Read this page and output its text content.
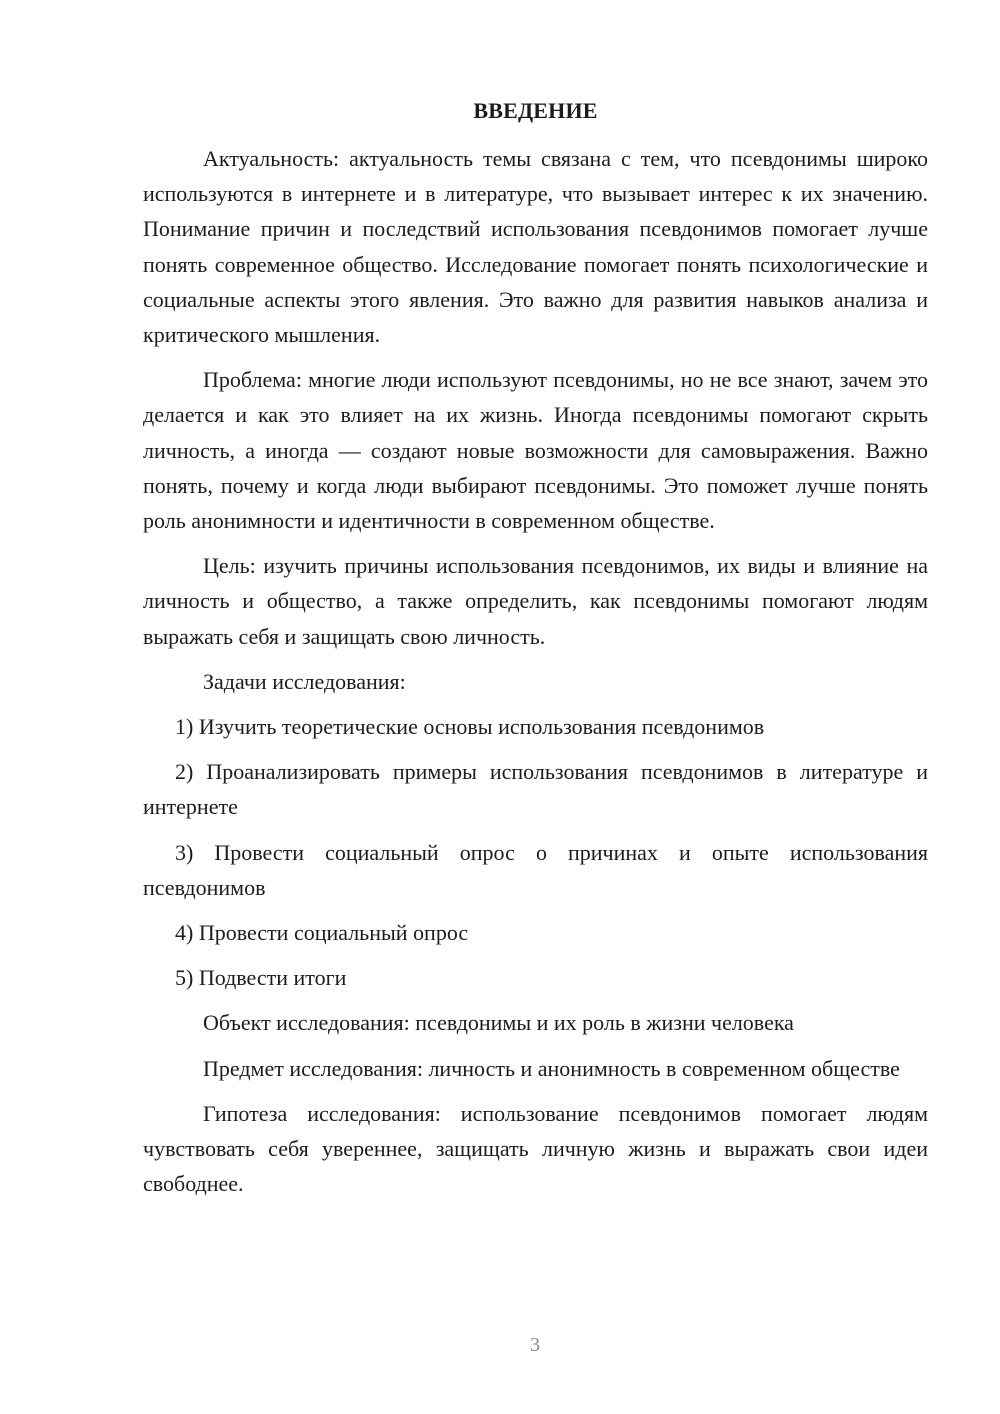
ВВЕДЕНИЕ

Актуальность: актуальность темы связана с тем, что псевдонимы широко используются в интернете и в литературе, что вызывает интерес к их значению. Понимание причин и последствий использования псевдонимов помогает лучше понять современное общество. Исследование помогает понять психологические и социальные аспекты этого явления. Это важно для развития навыков анализа и критического мышления.

Проблема: многие люди используют псевдонимы, но не все знают, зачем это делается и как это влияет на их жизнь. Иногда псевдонимы помогают скрыть личность, а иногда — создают новые возможности для самовыражения. Важно понять, почему и когда люди выбирают псевдонимы. Это поможет лучше понять роль анонимности и идентичности в современном обществе.

Цель: изучить причины использования псевдонимов, их виды и влияние на личность и общество, а также определить, как псевдонимы помогают людям выражать себя и защищать свою личность.

Задачи исследования:

1) Изучить теоретические основы использования псевдонимов

2) Проанализировать примеры использования псевдонимов в литературе и интернете

3) Провести социальный опрос о причинах и опыте использования псевдонимов

4) Провести социальный опрос

5) Подвести итоги

Объект исследования: псевдонимы и их роль в жизни человека

Предмет исследования: личность и анонимность в современном обществе

Гипотеза исследования: использование псевдонимов помогает людям чувствовать себя увереннее, защищать личную жизнь и выражать свои идеи свободнее.

3
